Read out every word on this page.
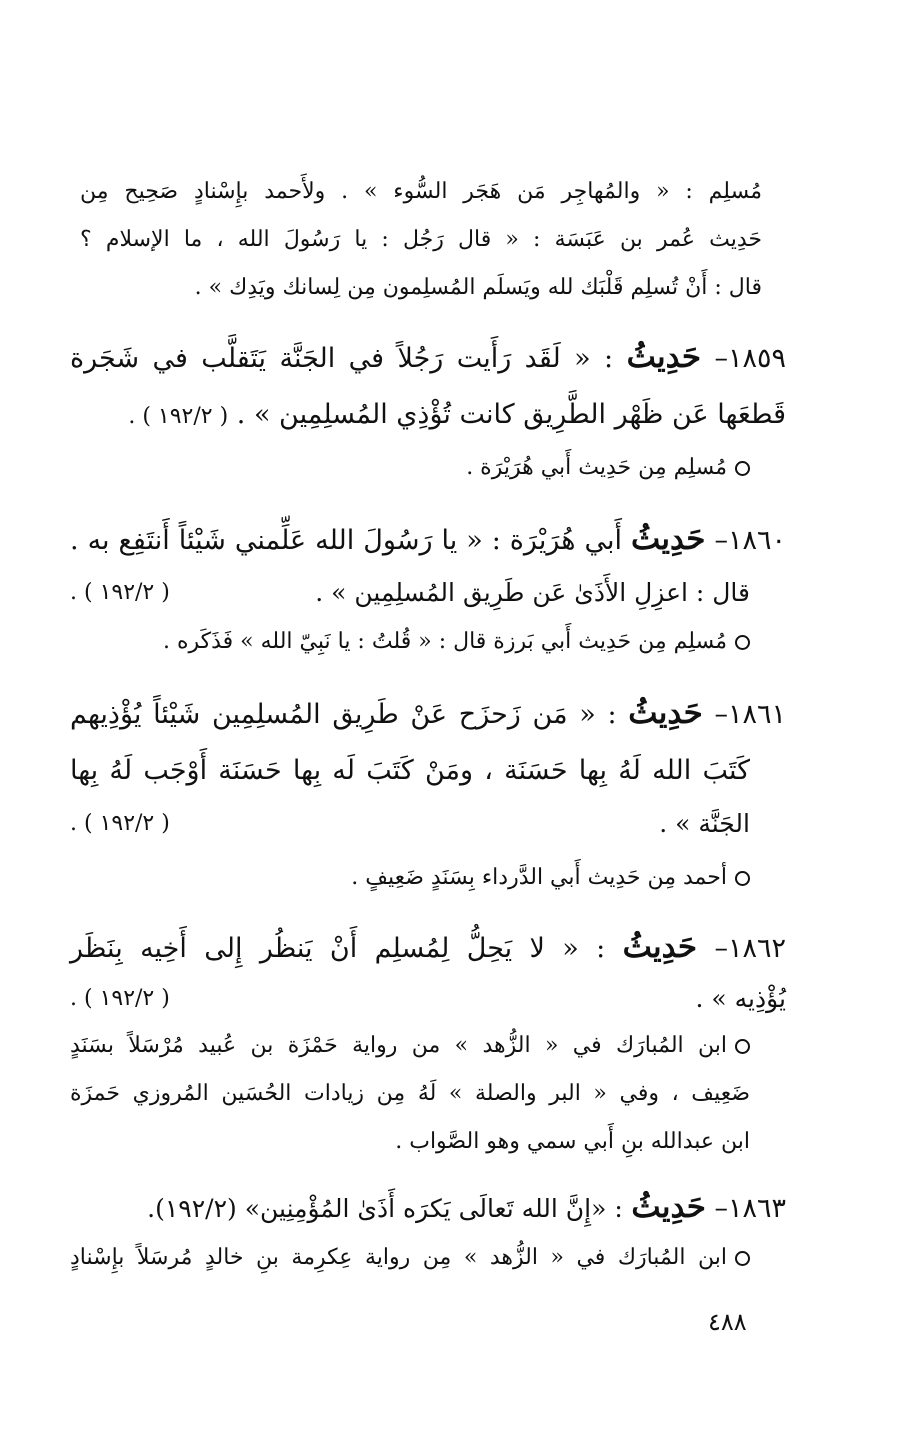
مُسلِم : « والمُهاجِر مَن هَجَر السُّوء » . ولأَحمد بإِسْنادٍ صَحِيح مِن
حَدِيث عُمر بن عَبَسَة : « قال رَجُل : يا رَسُولَ الله ، ما الإسلام ؟
قال : أَنْ تُسلِم قَلْبَك لله ويَسلَم المُسلِمون مِن لِسانك ويَدِك » .
١٨٥٩– حَدِيثُ : « لَقَد رَأَيت رَجُلاً في الجَنَّة يَتَقلَّب في شَجَرة
قَطعَها عَن ظَهْر الطَّرِيق كانت تُؤْذِي المُسلِمِين » . ( ١٩٢/٢ ) .
مُسلِم مِن حَدِيث أَبي هُرَيْرَة .
١٨٦٠– حَدِيثُ أَبي هُرَيْرَة : « يا رَسُولَ الله عَلِّمني شَيْئاً أَنتَفِع به .
قال : اعزِلِ الأَذَىٰ عَن طَرِيق المُسلِمِين » .
( ١٩٢/٢ ) .
مُسلِم مِن حَدِيث أَبي بَرزة قال : « قُلتُ : يا نَبِيّ الله » فَذَكَره .
١٨٦١– حَدِيثُ : « مَن زَحزَح عَنْ طَرِيق المُسلِمِين شَيْئاً يُؤْذِيهم
كَتَبَ الله لَهُ بِها حَسَنَة ، ومَنْ كَتَبَ لَه بِها حَسَنَة أَوْجَب لَهُ بِها
الجَنَّة » .
( ١٩٢/٢ ) .
أحمد مِن حَدِيث أَبي الدَّرداء بِسَنَدٍ ضَعِيفٍ .
١٨٦٢– حَدِيثُ : « لا يَحِلُّ لِمُسلِم أَنْ يَنظُر إِلى أَخِيه بِنَظَر
يُؤْذِيه » .
( ١٩٢/٢ ) .
ابن المُبارَك في « الزُّهد » من رواية حَمْزَة بن عُبيد مُرْسَلاً بسَنَدٍ
ضَعِيف ، وفي « البر والصلة » لَهُ مِن زيادات الحُسَين المُروزي حَمزَة
ابن عبدالله بنِ أَبي سمي وهو الصَّواب .
١٨٦٣– حَدِيثُ : «إِنَّ الله تَعالَى يَكرَه أَذَىٰ المُؤْمِنِين» (١٩٢/٢).
ابن المُبارَك في « الزُّهد » مِن رواية عِكرِمة بنِ خالدٍ مُرسَلاً بإِسْنادٍ
٤٨٨
